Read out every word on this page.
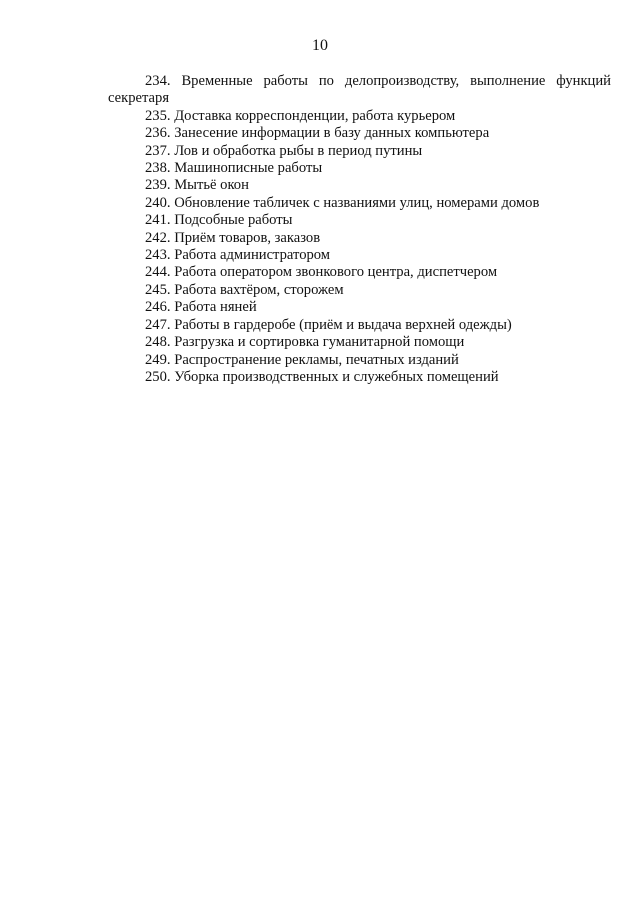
10
234. Временные работы по делопроизводству, выполнение функций секретаря
235. Доставка корреспонденции, работа курьером
236. Занесение информации в базу данных компьютера
237. Лов и обработка рыбы в период путины
238. Машинописные работы
239. Мытьё окон
240. Обновление табличек с названиями улиц, номерами домов
241. Подсобные работы
242. Приём товаров, заказов
243. Работа администратором
244. Работа оператором звонкового центра, диспетчером
245. Работа вахтёром, сторожем
246. Работа няней
247. Работы в гардеробе (приём и выдача верхней одежды)
248. Разгрузка и сортировка гуманитарной помощи
249. Распространение рекламы, печатных изданий
250. Уборка производственных и служебных помещений
